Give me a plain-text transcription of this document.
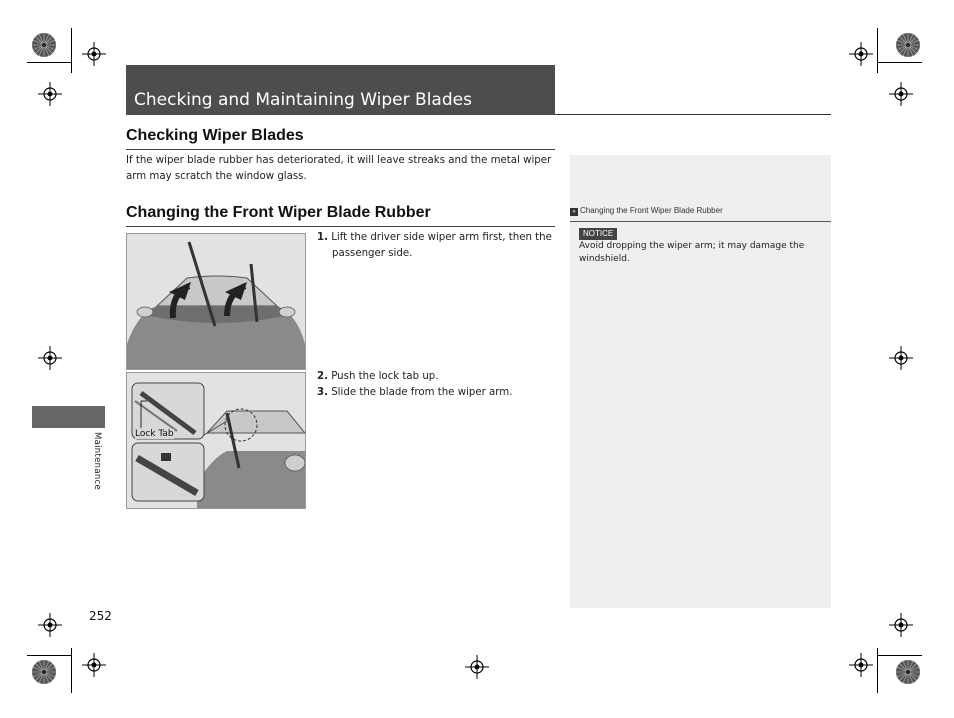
Checking and Maintaining Wiper Blades
Checking Wiper Blades
If the wiper blade rubber has deteriorated, it will leave streaks and the metal wiper arm may scratch the window glass.
Changing the Front Wiper Blade Rubber
1. Lift the driver side wiper arm first, then the
passenger side.
Lock Tab
2. Push the lock tab up.
3. Slide the blade from the wiper arm.
» Changing the Front Wiper Blade Rubber
NOTICE
Avoid dropping the wiper arm; it may damage the
windshield.
Maintenance
252
